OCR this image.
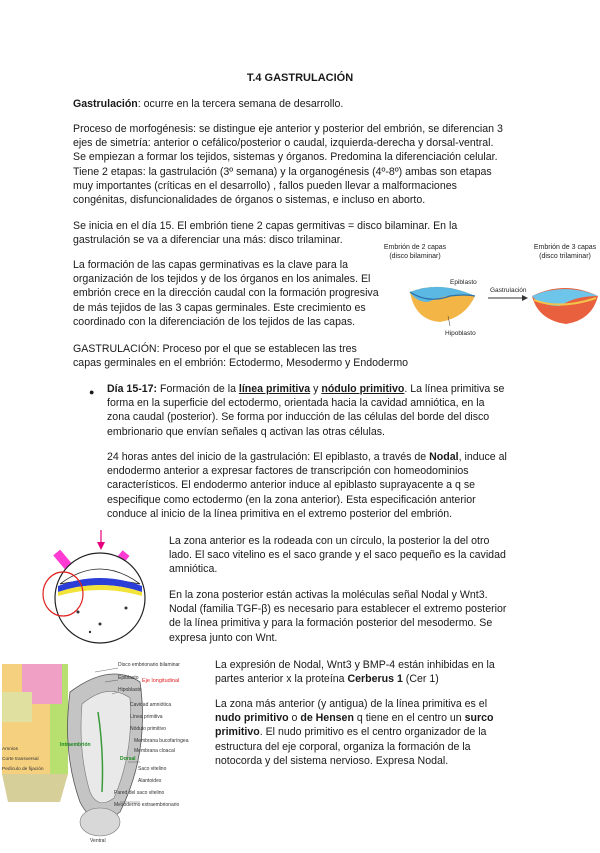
T.4 GASTRULACIÓN
Gastrulación: ocurre en la tercera semana de desarrollo.
Proceso de morfogénesis: se distingue eje anterior y posterior del embrión, se diferencian 3
ejes de simetría: anterior o cefálico/posterior o caudal, izquierda-derecha y dorsal-ventral.
Se empiezan a formar los tejidos, sistemas y órganos. Predomina la diferenciación celular.
Tiene 2 etapas: la gastrulación (3º semana) y la organogénesis (4º-8º) ambas son etapas
muy importantes (críticas en el desarrollo) , fallos pueden llevar a malformaciones
congénitas, disfuncionalidades de órganos o sistemas, e incluso en aborto.
Se inicia en el día 15. El embrión tiene 2 capas germitivas = disco bilaminar. En la
gastrulación se va a diferenciar una más: disco trilaminar.
La formación de las capas germinativas es la clave para la
organización de los tejidos y de los órganos en los animales. El
embrión crece en la dirección caudal con la formación progresiva
de más tejidos de las 3 capas germinales. Este crecimiento es
coordinado con la diferenciación de los tejidos de las capas.
Embrión de 2 capas
(disco bilaminar)
Embrión de 3 capas
(disco trilaminar)
Epiblasto
Hipoblasto
Gastrulación
GASTRULACIÓN: Proceso por el que se establecen las tres
capas germinales en el embrión: Ectodermo, Mesodermo y Endodermo
● Día 15-17: Formación de la línea primitiva y nódulo primitivo. La línea primitiva se
forma en la superficie del ectodermo, orientada hacia la cavidad amniótica, en la
zona caudal (posterior). Se forma por inducción de las células del borde del disco
embrionario que envían señales q activan las otras células.
24 horas antes del inicio de la gastrulación: El epiblasto, a través de Nodal, induce al
endodermo anterior a expresar factores de transcripción con homeodominios
característicos. El endodermo anterior induce al epiblasto suprayacente a q se
especifique como ectodermo (en la zona anterior). Esta especificación anterior
conduce al inicio de la línea primitiva en el extremo posterior del embrión.
La zona anterior es la rodeada con un círculo, la posterior la del otro
lado. El saco vitelino es el saco grande y el saco pequeño es la cavidad
amniótica.
En la zona posterior están activas la moléculas señal Nodal y Wnt3.
Nodal (familia TGF-β) es necesario para establecer el extremo posterior
de la línea primitiva y para la formación posterior del mesodermo. Se
expresa junto con Wnt.
Disco embrionario bilaminar
Epiblasto
Hipoblasto
Eje longitudinal
Cavidad amniótica
Línea primitiva
Nódulo primitivo
Membrana bucofaríngea
Membrana cloacal
Saco vitelino
Alantoides
Pared del saco vitelino
Mesodermo extraembrionario
Ventral
Amnios
Corte transversal
Pedículo de fijación
Intraembrión
Dorsal
La expresión de Nodal, Wnt3 y BMP-4 están inhibidas en la
partes anterior x la proteína Cerberus 1 (Cer 1)
La zona más anterior (y antigua) de la línea primitiva es el
nudo primitivo o de Hensen q tiene en el centro un surco
primitivo. El nudo primitivo es el centro organizador de la
estructura del eje corporal, organiza la formación de la
notocorda y del sistema nervioso. Expresa Nodal.
